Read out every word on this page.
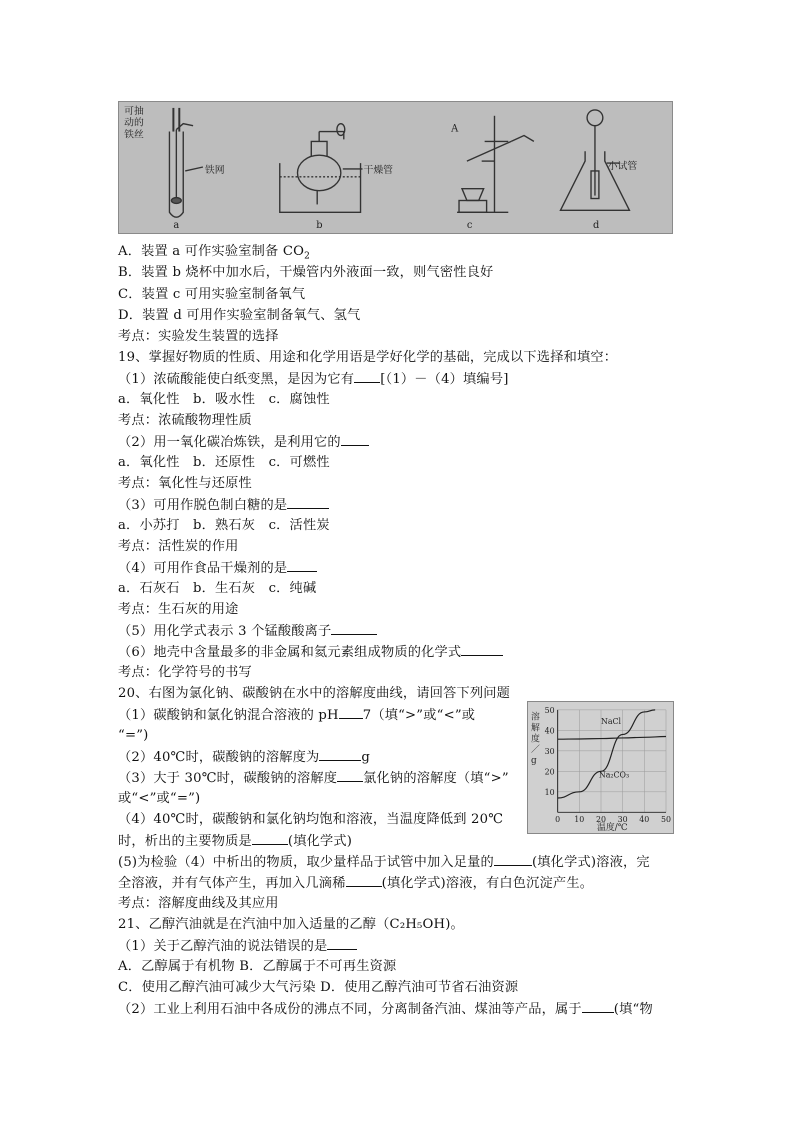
可抽
动的
铁丝
铁网
a
干燥管
b
A
c
小试管
d
A．装置 a 可作实验室制备 $CO_2$
B．装置 b 烧杯中加水后，干燥管内外液面一致，则气密性良好
C．装置 c 可用实验室制备氧气
D．装置 d 可用作实验室制备氧气、氢气
考点：实验发生装置的选择
19、掌握好物质的性质、用途和化学用语是学好化学的基础，完成以下选择和填空：
（1）浓硫酸能使白纸变黑，是因为它有 [（1）－（4）填编号]
a．氧化性　b．吸水性　c．腐蚀性
考点：浓硫酸物理性质
（2）用一氧化碳冶炼铁，是利用它的
a．氧化性　b．还原性　c．可燃性
考点：氧化性与还原性
（3）可用作脱色制白糖的是
a．小苏打　b．熟石灰　c．活性炭
考点：活性炭的作用
（4）可用作食品干燥剂的是
a．石灰石　b．生石灰　c．纯碱
考点：生石灰的用途
（5）用化学式表示 3 个锰酸酸离子
（6）地壳中含量最多的非金属和氦元素组成物质的化学式
考点：化学符号的书写
20、右图为氯化钠、碳酸钠在水中的溶解度曲线，请回答下列问题
（1）碳酸钠和氯化钠混合溶液的 pH 7（填“>”或“<”或
“=”)
（2）40℃时，碳酸钠的溶解度为	g
（3）大于 30℃时，碳酸钠的溶解度 氯化钠的溶解度（填“>”
或“<”或“=”)
（4）40℃时，碳酸钠和氯化钠均饱和溶液，当温度降低到 20℃
时，析出的主要物质是	(填化学式)
(5)为检验（4）中析出的物质，取少量样品于试管中加入足量的	(填化学式)溶液，完
全溶液，并有气体产生，再加入几滴稀	(填化学式)溶液，有白色沉淀产生。
考点：溶解度曲线及其应用
21、乙醇汽油就是在汽油中加入适量的乙醇（C₂H₅OH)。
（1）关于乙醇汽油的说法错误的是
A．乙醇属于有机物 B．乙醇属于不可再生资源
C．使用乙醇汽油可减少大气污染 D．使用乙醇汽油可节省石油资源
（2）工业上利用石油中各成份的沸点不同，分离制备汽油、煤油等产品，属于 (填“物
溶解度／ g
温度/℃
50
40
30
20
10
0 10 20 30 40 50
NaCl
Na₂CO₃
